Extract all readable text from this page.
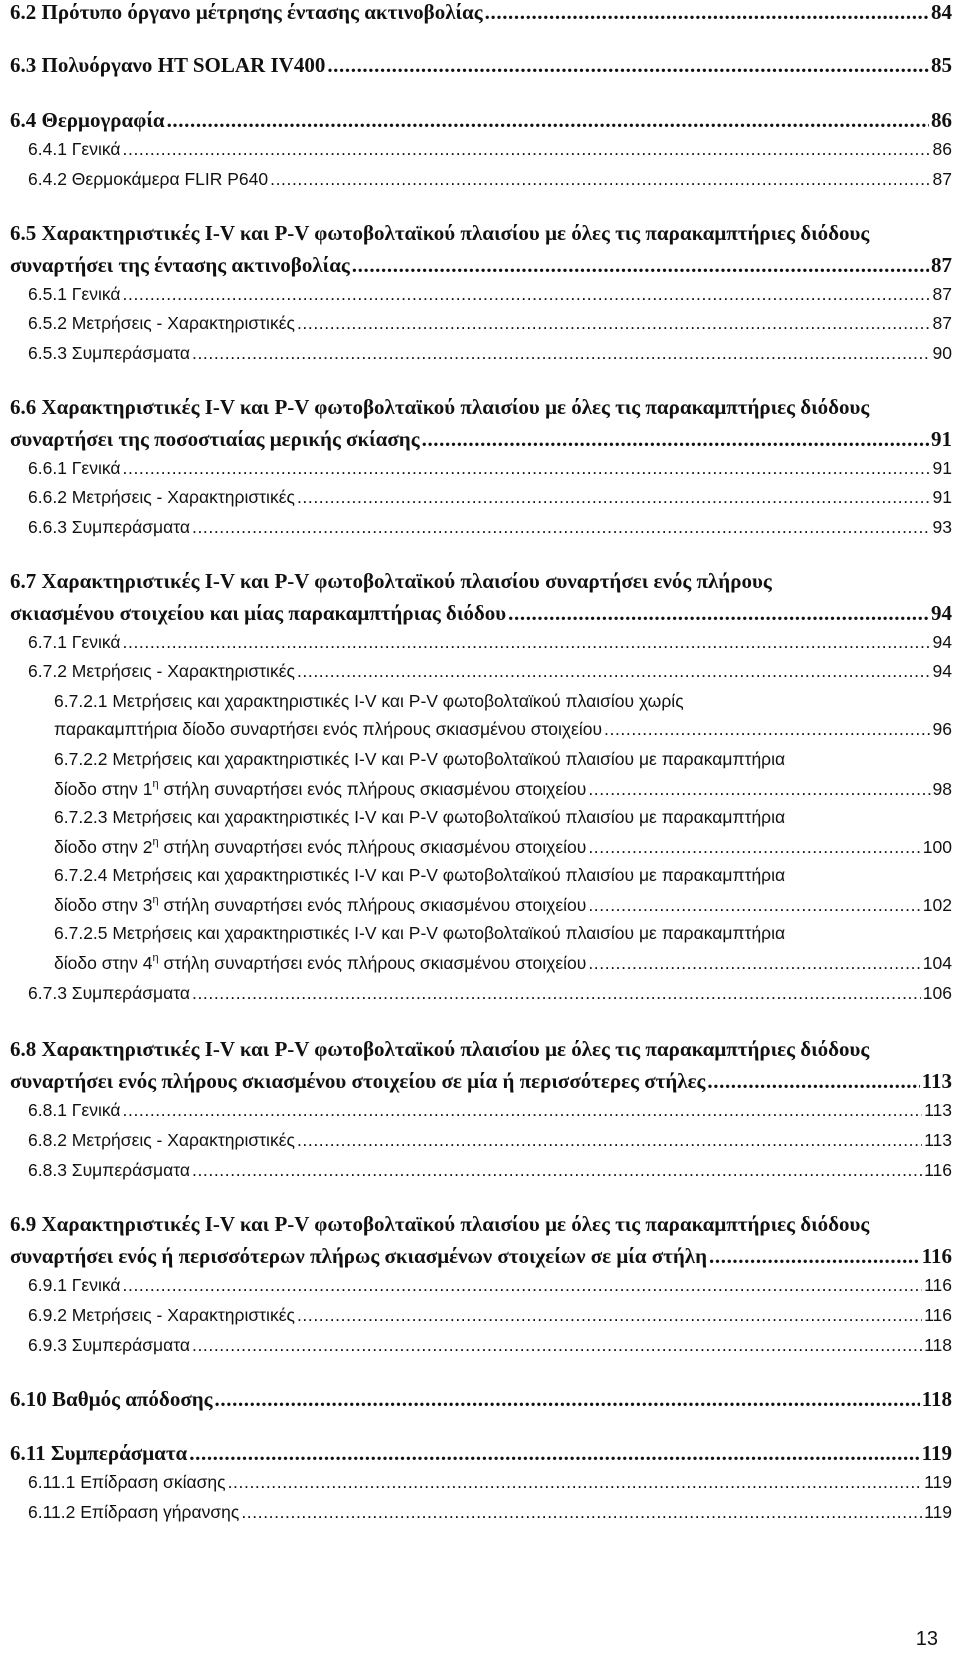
6.2 Πρότυπο όργανο μέτρησης έντασης ακτινοβολίας .....	84
6.3 Πολυόργανο HT SOLAR IV400 .....	85
6.4 Θερμογραφία .....	86
6.4.1 Γενικά .....	86
6.4.2 Θερμοκάμερα FLIR P640 .....	87
6.5 Χαρακτηριστικές I-V και P-V φωτοβολταϊκού πλαισίου με όλες τις παρακαμπτήριες διόδους
συναρτήσει της έντασης ακτινοβολίας .....	87
6.5.1 Γενικά .....	87
6.5.2 Μετρήσεις - Χαρακτηριστικές .....	87
6.5.3 Συμπεράσματα .....	90
6.6 Χαρακτηριστικές I-V και P-V φωτοβολταϊκού πλαισίου με όλες τις παρακαμπτήριες διόδους
συναρτήσει της ποσοστιαίας μερικής σκίασης .....	91
6.6.1 Γενικά .....	91
6.6.2 Μετρήσεις - Χαρακτηριστικές .....	91
6.6.3 Συμπεράσματα .....	93
6.7 Χαρακτηριστικές I-V και P-V φωτοβολταϊκού πλαισίου συναρτήσει ενός πλήρους
σκιασμένου στοιχείου και μίας παρακαμπτήριας διόδου .....	94
6.7.1 Γενικά .....	94
6.7.2 Μετρήσεις - Χαρακτηριστικές .....	94
6.7.2.1 Μετρήσεις και χαρακτηριστικές I-V και P-V φωτοβολταϊκού πλαισίου χωρίς
παρακαμπτήρια δίοδο συναρτήσει ενός πλήρους σκιασμένου στοιχείου .....	96
6.7.2.2 Μετρήσεις και χαρακτηριστικές I-V και P-V φωτοβολταϊκού πλαισίου με παρακαμπτήρια
δίοδο στην $1^\eta$ στήλη συναρτήσει ενός πλήρους σκιασμένου στοιχείου .....	98
6.7.2.3 Μετρήσεις και χαρακτηριστικές I-V και P-V φωτοβολταϊκού πλαισίου με παρακαμπτήρια
δίοδο στην $2^\eta$ στήλη συναρτήσει ενός πλήρους σκιασμένου στοιχείου .....	100
6.7.2.4 Μετρήσεις και χαρακτηριστικές I-V και P-V φωτοβολταϊκού πλαισίου με παρακαμπτήρια
δίοδο στην $3^\eta$ στήλη συναρτήσει ενός πλήρους σκιασμένου στοιχείου .....	102
6.7.2.5 Μετρήσεις και χαρακτηριστικές I-V και P-V φωτοβολταϊκού πλαισίου με παρακαμπτήρια
δίοδο στην $4^\eta$ στήλη συναρτήσει ενός πλήρους σκιασμένου στοιχείου .....	104
6.7.3 Συμπεράσματα .....	106
6.8 Χαρακτηριστικές I-V και P-V φωτοβολταϊκού πλαισίου με όλες τις παρακαμπτήριες διόδους
συναρτήσει ενός πλήρους σκιασμένου στοιχείου σε μία ή περισσότερες στήλες .....	113
6.8.1 Γενικά .....	113
6.8.2 Μετρήσεις - Χαρακτηριστικές .....	113
6.8.3 Συμπεράσματα .....	116
6.9 Χαρακτηριστικές I-V και P-V φωτοβολταϊκού πλαισίου με όλες τις παρακαμπτήριες διόδους
συναρτήσει ενός ή περισσότερων πλήρως σκιασμένων στοιχείων σε μία στήλη .....	116
6.9.1 Γενικά .....	116
6.9.2 Μετρήσεις - Χαρακτηριστικές .....	116
6.9.3 Συμπεράσματα .....	118
6.10 Βαθμός απόδοσης .....	118
6.11 Συμπεράσματα .....	119
6.11.1 Επίδραση σκίασης .....	119
6.11.2 Επίδραση γήρανσης .....	119
13
